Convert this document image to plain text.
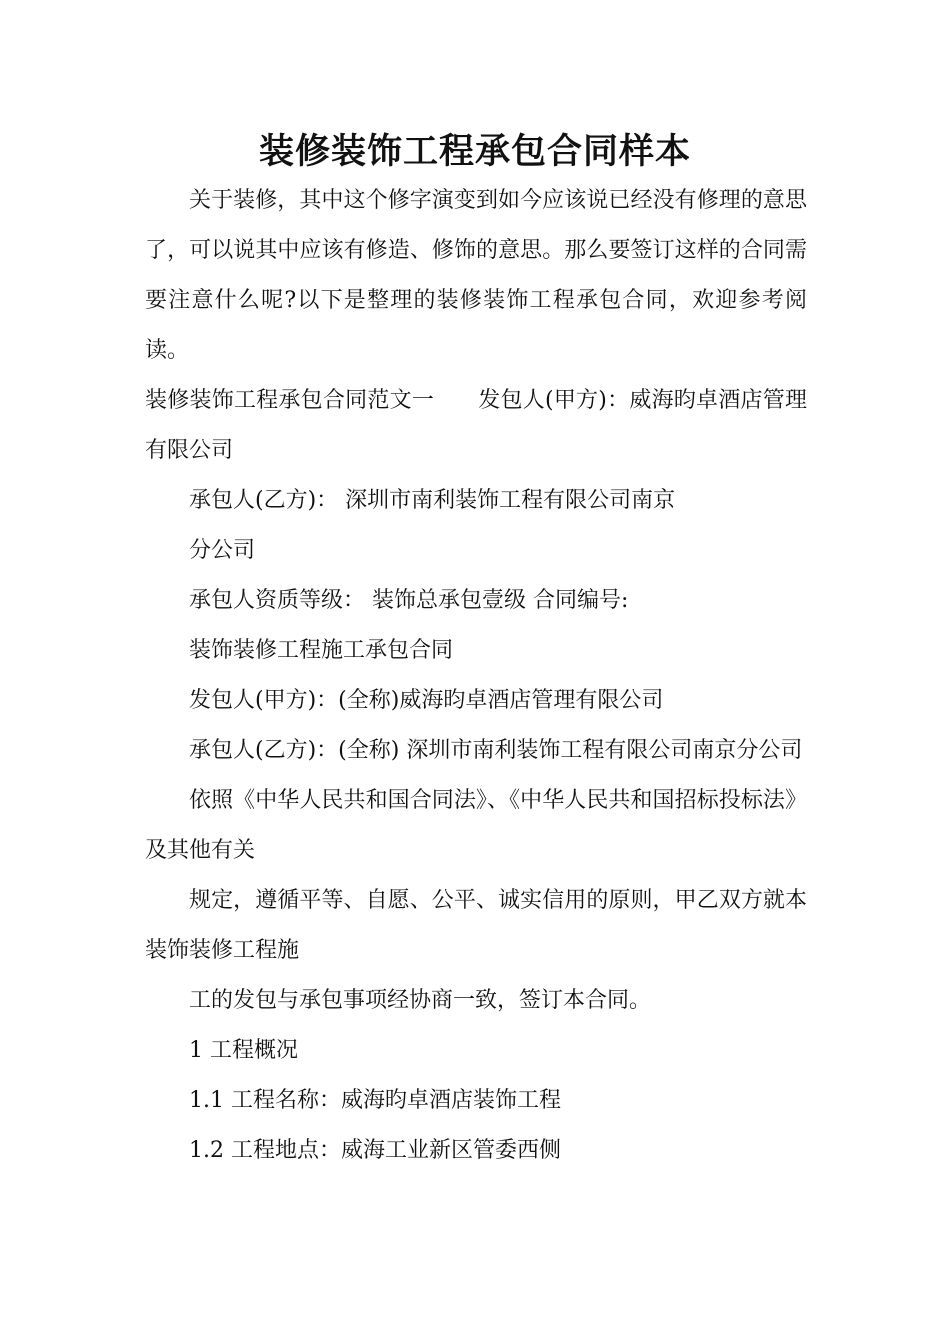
装修装饰工程承包合同样本

关于装修，其中这个修字演变到如今应该说已经没有修理的意思了，可以说其中应该有修造、修饰的意思。那么要签订这样的合同需要注意什么呢?以下是整理的装修装饰工程承包合同，欢迎参考阅读。

装修装饰工程承包合同范文一 发包人(甲方)：威海昀卓酒店管理有限公司

承包人(乙方)： 深圳市南利装饰工程有限公司南京

分公司

承包人资质等级： 装饰总承包壹级 合同编号:

装饰装修工程施工承包合同

发包人(甲方)：(全称)威海昀卓酒店管理有限公司

承包人(乙方)：(全称) 深圳市南利装饰工程有限公司南京分公司

依照《中华人民共和国合同法》、《中华人民共和国招标投标法》及其他有关

规定，遵循平等、自愿、公平、诚实信用的原则，甲乙双方就本装饰装修工程施

工的发包与承包事项经协商一致，签订本合同。

1 工程概况

1.1 工程名称：威海昀卓酒店装饰工程

1.2 工程地点：威海工业新区管委西侧
